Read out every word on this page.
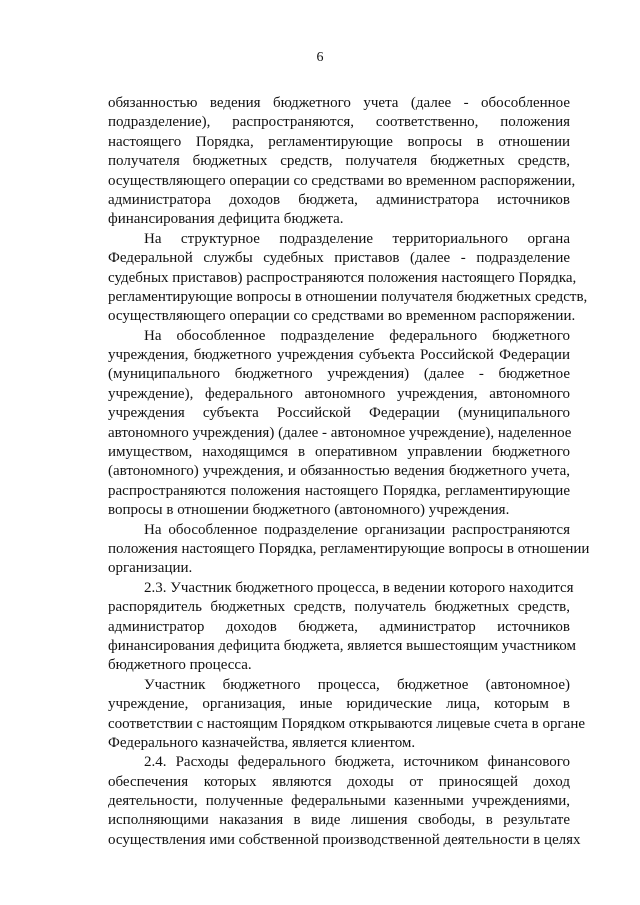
6
обязанностью ведения бюджетного учета (далее - обособленное
подразделение), распространяются, соответственно, положения
настоящего Порядка, регламентирующие вопросы в отношении
получателя бюджетных средств, получателя бюджетных средств,
осуществляющего операции со средствами во временном распоряжении,
администратора доходов бюджета, администратора источников
финансирования дефицита бюджета.
На структурное подразделение территориального органа
Федеральной службы судебных приставов (далее - подразделение
судебных приставов) распространяются положения настоящего Порядка,
регламентирующие вопросы в отношении получателя бюджетных средств,
осуществляющего операции со средствами во временном распоряжении.
На обособленное подразделение федерального бюджетного
учреждения, бюджетного учреждения субъекта Российской Федерации
(муниципального бюджетного учреждения) (далее - бюджетное
учреждение), федерального автономного учреждения, автономного
учреждения субъекта Российской Федерации (муниципального
автономного учреждения) (далее - автономное учреждение), наделенное
имуществом, находящимся в оперативном управлении бюджетного
(автономного) учреждения, и обязанностью ведения бюджетного учета,
распространяются положения настоящего Порядка, регламентирующие
вопросы в отношении бюджетного (автономного) учреждения.
На обособленное подразделение организации распространяются
положения настоящего Порядка, регламентирующие вопросы в отношении
организации.
2.3. Участник бюджетного процесса, в ведении которого находится
распорядитель бюджетных средств, получатель бюджетных средств,
администратор доходов бюджета, администратор источников
финансирования дефицита бюджета, является вышестоящим участником
бюджетного процесса.
Участник бюджетного процесса, бюджетное (автономное)
учреждение, организация, иные юридические лица, которым в
соответствии с настоящим Порядком открываются лицевые счета в органе
Федерального казначейства, является клиентом.
2.4. Расходы федерального бюджета, источником финансового
обеспечения которых являются доходы от приносящей доход
деятельности, полученные федеральными казенными учреждениями,
исполняющими наказания в виде лишения свободы, в результате
осуществления ими собственной производственной деятельности в целях
